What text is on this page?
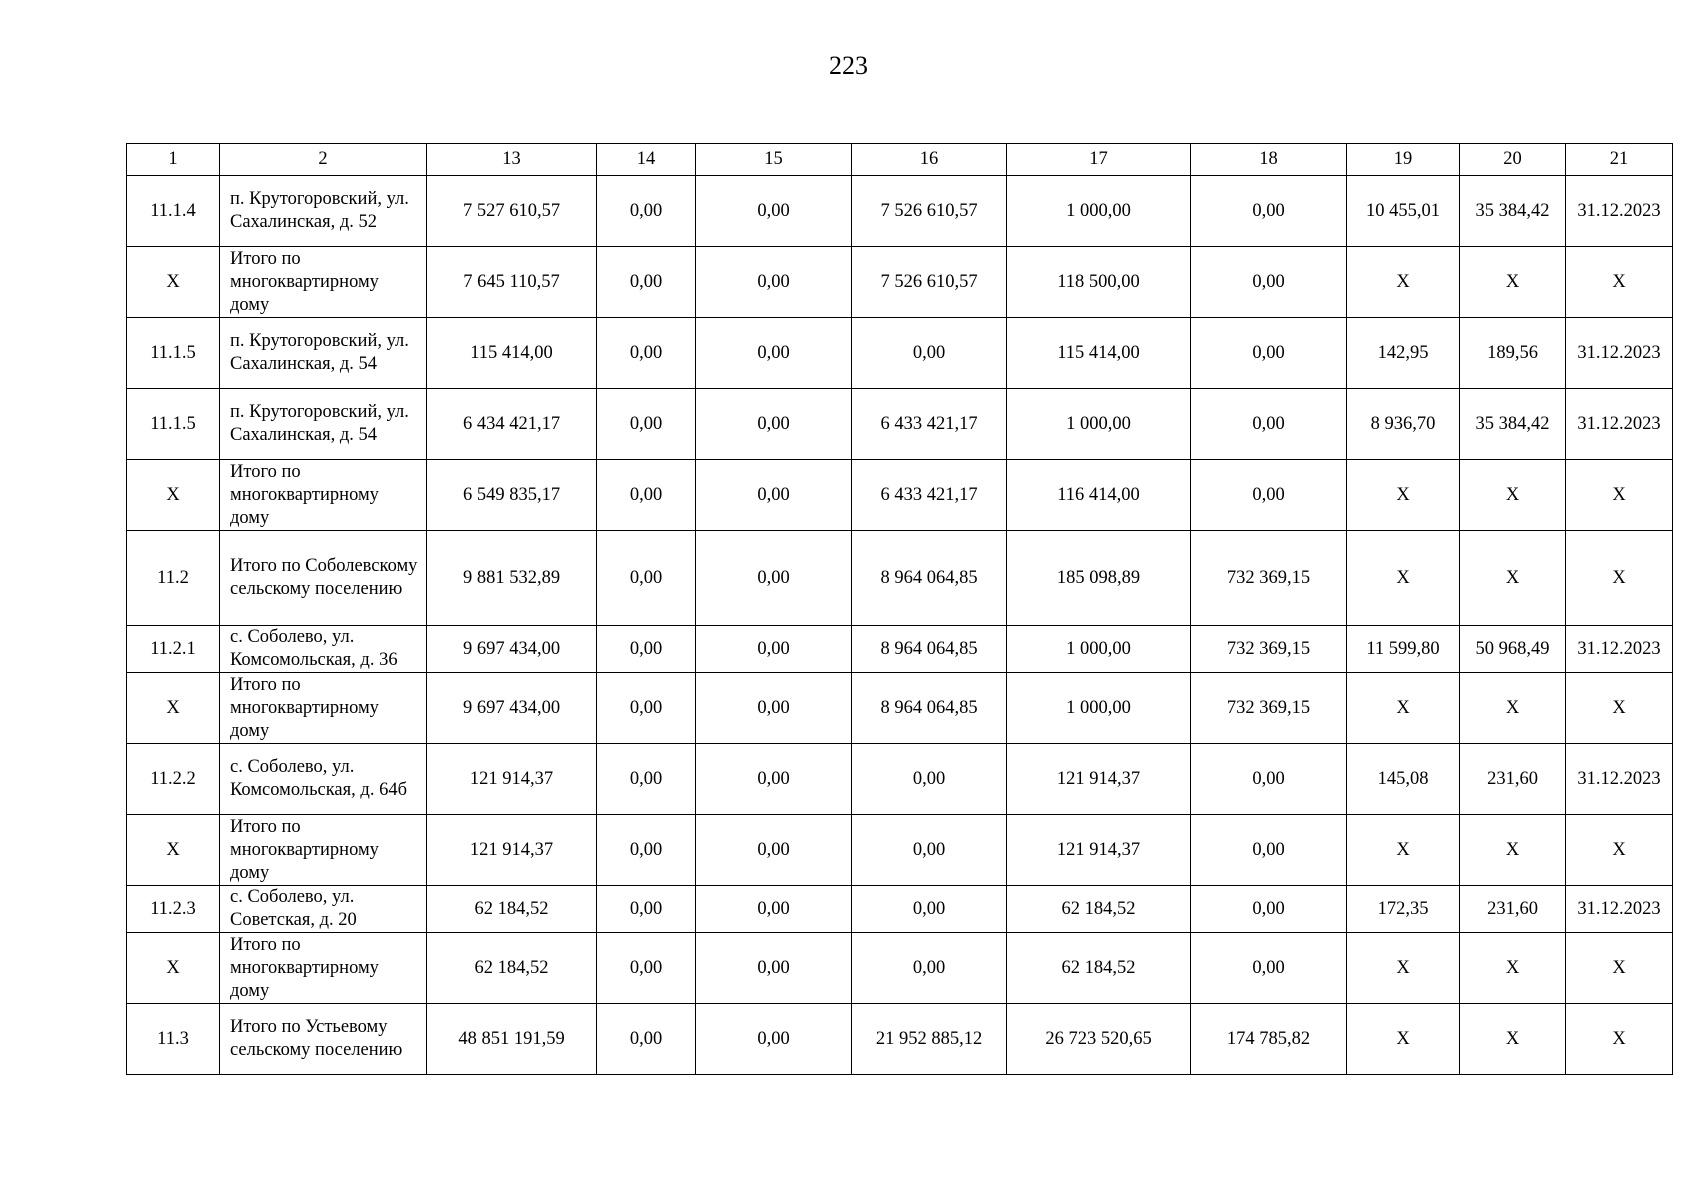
223
1	2	13	14	15	16	17	18	19	20	21
11.1.4	п. Крутогоровский, ул. Сахалинская, д. 52	7 527 610,57	0,00	0,00	7 526 610,57	1 000,00	0,00	10 455,01	35 384,42	31.12.2023
Х	Итого по многоквартирному дому	7 645 110,57	0,00	0,00	7 526 610,57	118 500,00	0,00	Х	Х	Х
11.1.5	п. Крутогоровский, ул. Сахалинская, д. 54	115 414,00	0,00	0,00	0,00	115 414,00	0,00	142,95	189,56	31.12.2023
11.1.5	п. Крутогоровский, ул. Сахалинская, д. 54	6 434 421,17	0,00	0,00	6 433 421,17	1 000,00	0,00	8 936,70	35 384,42	31.12.2023
Х	Итого по многоквартирному дому	6 549 835,17	0,00	0,00	6 433 421,17	116 414,00	0,00	Х	Х	Х
11.2	Итого по Соболевскому сельскому поселению	9 881 532,89	0,00	0,00	8 964 064,85	185 098,89	732 369,15	Х	Х	Х
11.2.1	с. Соболево, ул. Комсомольская, д. 36	9 697 434,00	0,00	0,00	8 964 064,85	1 000,00	732 369,15	11 599,80	50 968,49	31.12.2023
Х	Итого по многоквартирному дому	9 697 434,00	0,00	0,00	8 964 064,85	1 000,00	732 369,15	Х	Х	Х
11.2.2	с. Соболево, ул. Комсомольская, д. 64б	121 914,37	0,00	0,00	0,00	121 914,37	0,00	145,08	231,60	31.12.2023
Х	Итого по многоквартирному дому	121 914,37	0,00	0,00	0,00	121 914,37	0,00	Х	Х	Х
11.2.3	с. Соболево, ул. Советская, д. 20	62 184,52	0,00	0,00	0,00	62 184,52	0,00	172,35	231,60	31.12.2023
Х	Итого по многоквартирному дому	62 184,52	0,00	0,00	0,00	62 184,52	0,00	Х	Х	Х
11.3	Итого по Устьевому сельскому поселению	48 851 191,59	0,00	0,00	21 952 885,12	26 723 520,65	174 785,82	Х	Х	Х
